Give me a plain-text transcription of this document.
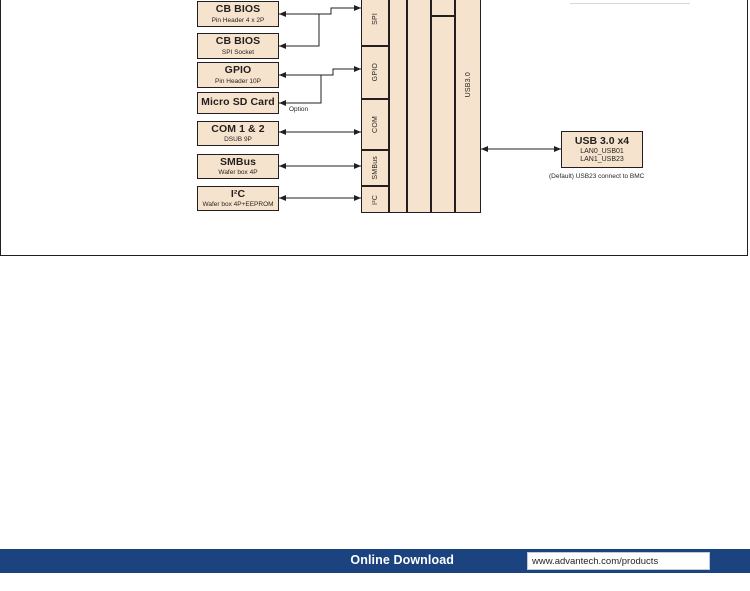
CB BIOS
Pin Header 4 x 2P
CB BIOS
SPI Socket
GPIO
Pin Header 10P
Micro SD Card
COM 1 & 2
DSUB 9P
SMBus
Wafer box 4P
I²C
Wafer box 4P+EEPROM
Option
SPI
GPIO
COM
SMBus
I²C
USB3.0
USB 3.0 x4
LAN0_USB01
LAN1_USB23
(Default) USB23 connect to BMC
Online Download	www.advantech.com/products
